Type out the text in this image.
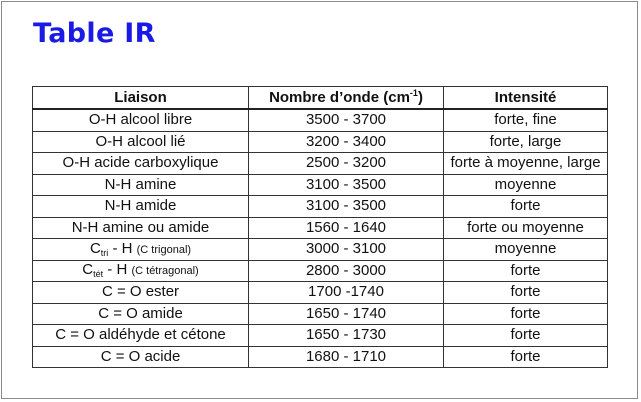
Table IR
Liaison	Nombre d’onde $(cm^{-1})$	Intensité
O-H alcool libre	3500 - 3700	forte, fine
O-H alcool lié	3200 - 3400	forte, large
O-H acide carboxylique	2500 - 3200	forte à moyenne, large
N-H amine	3100 - 3500	moyenne
N-H amide	3100 - 3500	forte
N-H amine ou amide	1560 - 1640	forte ou moyenne
$C_{tri}$ - H (C trigonal)	3000 - 3100	moyenne
$C_{tét}$ - H (C tétragonal)	2800 - 3000	forte
C = O ester	1700 -1740	forte
C = O amide	1650 - 1740	forte
C = O aldéhyde et cétone	1650 - 1730	forte
C = O acide	1680 - 1710	forte
